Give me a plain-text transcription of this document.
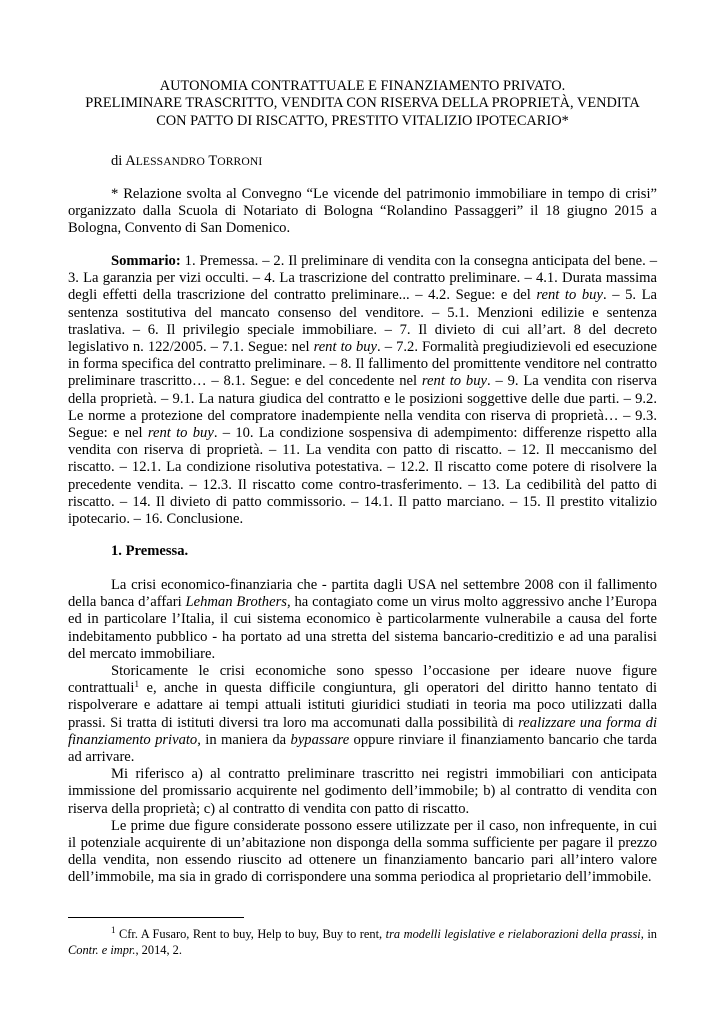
AUTONOMIA CONTRATTUALE E FINANZIAMENTO PRIVATO.
PRELIMINARE TRASCRITTO, VENDITA CON RISERVA DELLA PROPRIETÀ, VENDITA
CON PATTO DI RISCATTO, PRESTITO VITALIZIO IPOTECARIO*
di ALESSANDRO TORRONI

* Relazione svolta al Convegno “Le vicende del patrimonio immobiliare in tempo di crisi” organizzato dalla Scuola di Notariato di Bologna “Rolandino Passaggeri” il 18 giugno 2015 a Bologna, Convento di San Domenico.

Sommario: 1. Premessa. – 2. Il preliminare di vendita con la consegna anticipata del bene. – 3. La garanzia per vizi occulti. – 4. La trascrizione del contratto preliminare. – 4.1. Durata massima degli effetti della trascrizione del contratto preliminare... – 4.2. Segue: e del rent to buy. – 5. La sentenza sostitutiva del mancato consenso del venditore. – 5.1. Menzioni edilizie e sentenza traslativa. – 6. Il privilegio speciale immobiliare. – 7. Il divieto di cui all’art. 8 del decreto legislativo n. 122/2005. – 7.1. Segue: nel rent to buy. – 7.2. Formalità pregiudizievoli ed esecuzione in forma specifica del contratto preliminare. – 8. Il fallimento del promittente venditore nel contratto preliminare trascritto… – 8.1. Segue: e del concedente nel rent to buy. – 9. La vendita con riserva della proprietà. – 9.1. La natura giudica del contratto e le posizioni soggettive delle due parti. – 9.2. Le norme a protezione del compratore inadempiente nella vendita con riserva di proprietà… – 9.3. Segue: e nel rent to buy. – 10. La condizione sospensiva di adempimento: differenze rispetto alla vendita con riserva di proprietà. – 11. La vendita con patto di riscatto. – 12. Il meccanismo del riscatto. – 12.1. La condizione risolutiva potestativa. – 12.2. Il riscatto come potere di risolvere la precedente vendita. – 12.3. Il riscatto come contro-trasferimento. – 13. La cedibilità del patto di riscatto. – 14. Il divieto di patto commissorio. – 14.1. Il patto marciano. – 15. Il prestito vitalizio ipotecario. – 16. Conclusione.

1. Premessa.

La crisi economico-finanziaria che - partita dagli USA nel settembre 2008 con il fallimento della banca d’affari Lehman Brothers, ha contagiato come un virus molto aggressivo anche l’Europa ed in particolare l’Italia, il cui sistema economico è particolarmente vulnerabile a causa del forte indebitamento pubblico - ha portato ad una stretta del sistema bancario-creditizio e ad una paralisi del mercato immobiliare.

Storicamente le crisi economiche sono spesso l’occasione per ideare nuove figure contrattuali$^1$ e, anche in questa difficile congiuntura, gli operatori del diritto hanno tentato di rispolverare e adattare ai tempi attuali istituti giuridici studiati in teoria ma poco utilizzati dalla prassi. Si tratta di istituti diversi tra loro ma accomunati dalla possibilità di realizzare una forma di finanziamento privato, in maniera da bypassare oppure rinviare il finanziamento bancario che tarda ad arrivare.

Mi riferisco a) al contratto preliminare trascritto nei registri immobiliari con anticipata immissione del promissario acquirente nel godimento dell’immobile; b) al contratto di vendita con riserva della proprietà; c) al contratto di vendita con patto di riscatto.

Le prime due figure considerate possono essere utilizzate per il caso, non infrequente, in cui il potenziale acquirente di un’abitazione non disponga della somma sufficiente per pagare il prezzo della vendita, non essendo riuscito ad ottenere un finanziamento bancario pari all’intero valore dell’immobile, ma sia in grado di corrispondere una somma periodica al proprietario dell’immobile.

$^1$ Cfr. A Fusaro, Rent to buy, Help to buy, Buy to rent, tra modelli legislative e rielaborazioni della prassi, in Contr. e impr., 2014, 2.
